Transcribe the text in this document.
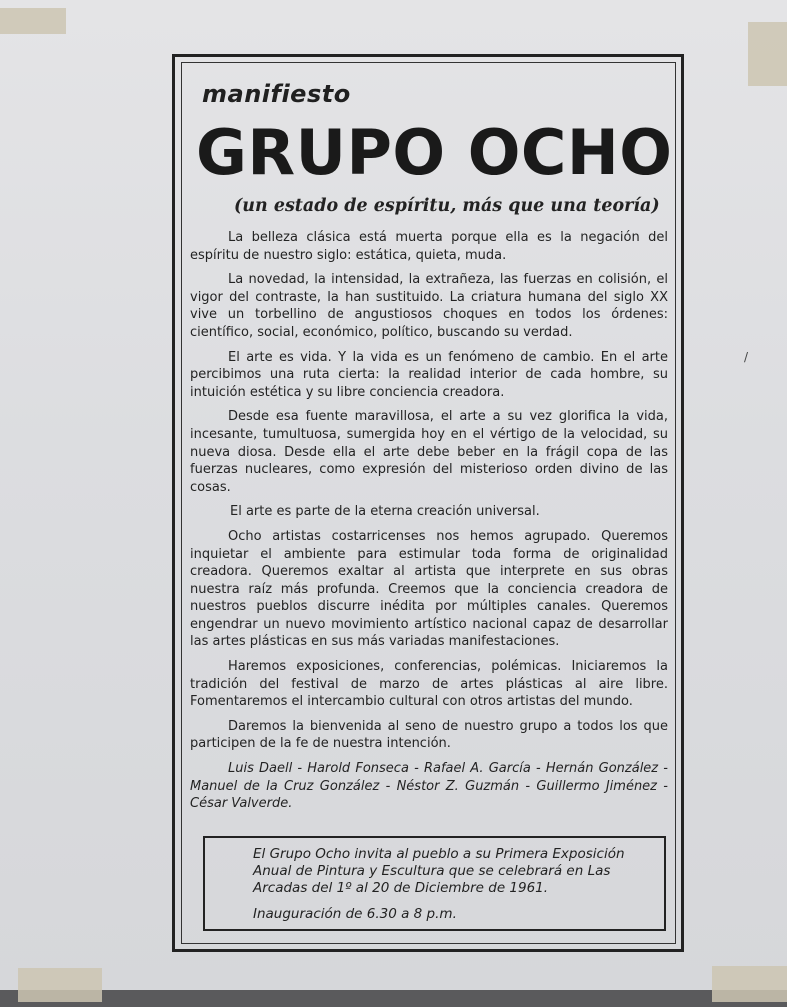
manifiesto
GRUPO OCHO
(un estado de espíritu, más que una teoría)

La belleza clásica está muerta porque ella es la negación del espíritu de nuestro siglo: estática, quieta, muda.

La novedad, la intensidad, la extrañeza, las fuerzas en colisión, el vigor del contraste, la han sustituido. La criatura humana del siglo XX vive un torbellino de angustiosos choques en todos los órdenes: científico, social, económico, político, buscando su verdad.

El arte es vida. Y la vida es un fenómeno de cambio. En el arte percibimos una ruta cierta: la realidad interior de cada hombre, su intuición estética y su libre conciencia creadora.

Desde esa fuente maravillosa, el arte a su vez glorifica la vida, incesante, tumultuosa, sumergida hoy en el vértigo de la velocidad, su nueva diosa. Desde ella el arte debe beber en la frágil copa de las fuerzas nucleares, como expresión del misterioso orden divino de las cosas.

El arte es parte de la eterna creación universal.

Ocho artistas costarricenses nos hemos agrupado. Queremos inquietar el ambiente para estimular toda forma de originalidad creadora. Queremos exaltar al artista que interprete en sus obras nuestra raíz más profunda. Creemos que la conciencia creadora de nuestros pueblos discurre inédita por múltiples canales. Queremos engendrar un nuevo movimiento artístico nacional capaz de desarrollar las artes plásticas en sus más variadas manifestaciones.

Haremos exposiciones, conferencias, polémicas. Iniciaremos la tradición del festival de marzo de artes plásticas al aire libre. Fomentaremos el intercambio cultural con otros artistas del mundo.

Daremos la bienvenida al seno de nuestro grupo a todos los que participen de la fe de nuestra intención.

Luis Daell - Harold Fonseca - Rafael A. García - Hernán González - Manuel de la Cruz González - Néstor Z. Guzmán - Guillermo Jiménez - César Valverde.

El Grupo Ocho invita al pueblo a su Primera Exposición Anual de Pintura y Escultura que se celebrará en Las Arcadas del 1º al 20 de Diciembre de 1961.
Inauguración de 6.30 a 8 p.m.
/
